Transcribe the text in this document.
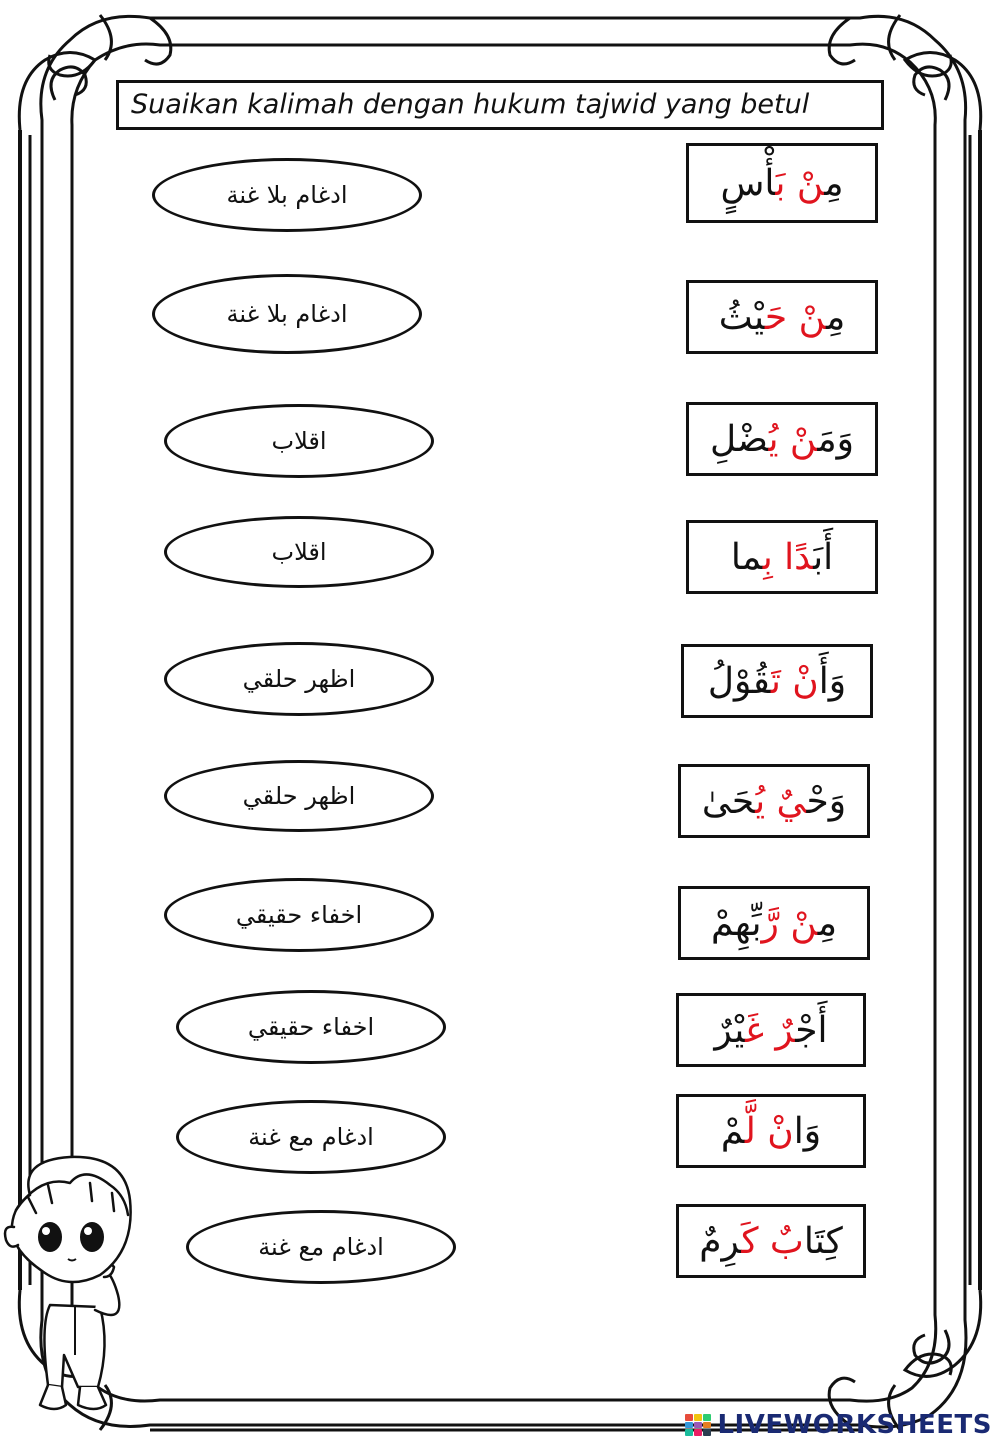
Suaikan kalimah dengan hukum tajwid yang betul
ادغام بلا غنة
ادغام بلا غنة
اقلاب
اقلاب
اظهر حلقي
اظهر حلقي
اخفاء حقيقي
اخفاء حقيقي
ادغام مع غنة
ادغام مع غنة
مِنْ بَأْسٍ
مِنْ حَيْثُ
وَمَنْ يُضْلِ
أَبَدًا بِما
وَأَنْ تَقُوْلُ
وَحْيٌ يُحَىٰ
مِنْ رَّبِّهِمْ
أَجْرٌ غَيْرٌ
وَانْ لَّمْ
كِتَابٌ كَرِمٌ
LIVEWORKSHEETS
